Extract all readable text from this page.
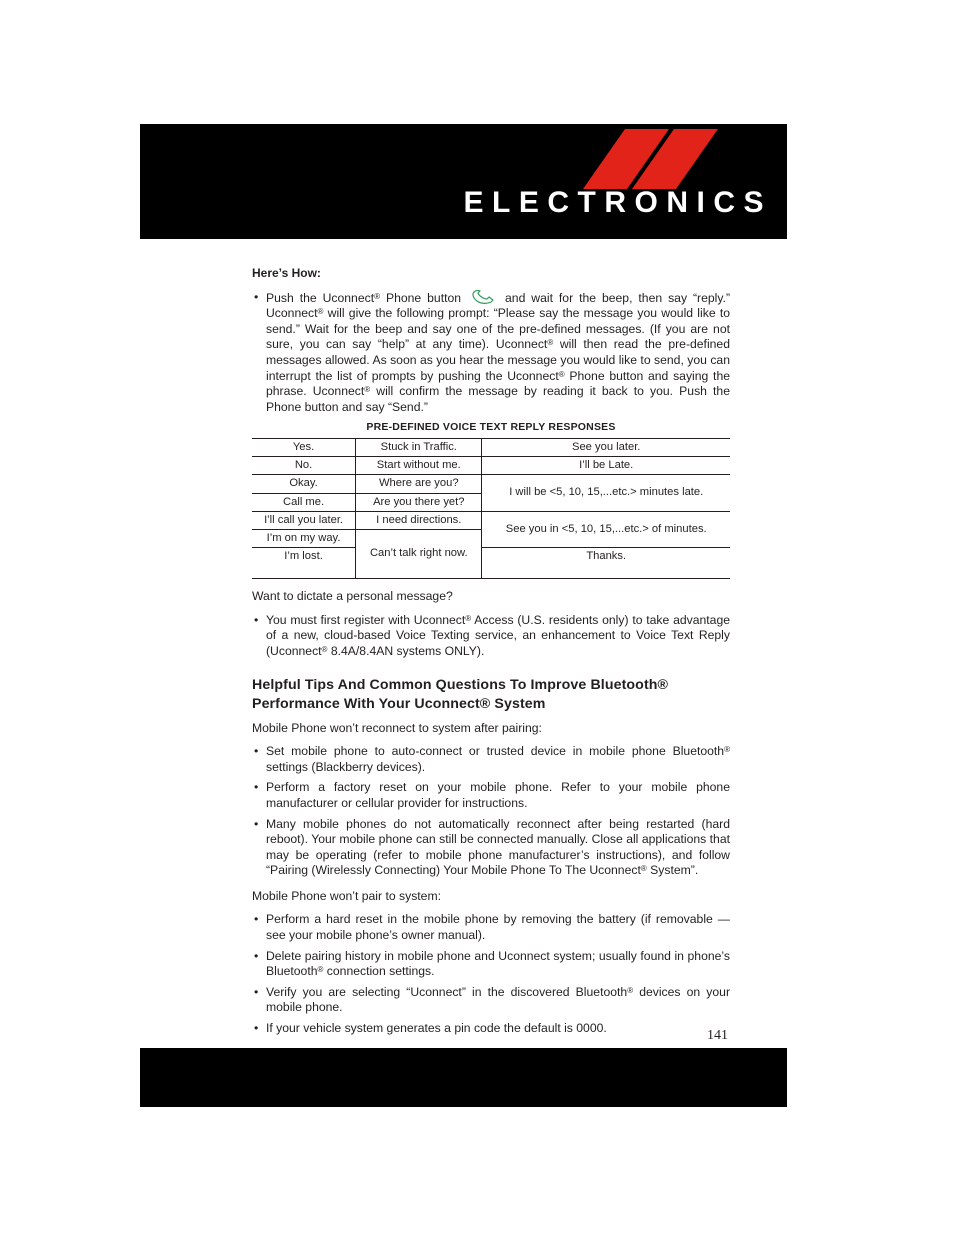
ELECTRONICS
Here’s How:
• Push the Uconnect® Phone button	and wait for the beep, then say “reply.” Uconnect® will give the following prompt: “Please say the message you would like to send.” Wait for the beep and say one of the pre-defined messages. (If you are not sure, you can say “help” at any time). Uconnect® will then read the pre-defined messages allowed. As soon as you hear the message you would like to send, you can interrupt the list of prompts by pushing the Uconnect® Phone button and saying the phrase. Uconnect® will confirm the message by reading it back to you. Push the Phone button and say “Send.”
PRE-DEFINED VOICE TEXT REPLY RESPONSES
Yes.	Stuck in Traffic.	See you later.
No.	Start without me.	I’ll be Late.
Okay.	Where are you?	I will be <5, 10, 15,...etc.> minutes late.
Call me.	Are you there yet?	
I’ll call you later.	I need directions.	See you in <5, 10, 15,...etc.> of minutes.
I’m on my way.	Can’t talk right now.	
I’m lost.		Thanks.

Want to dictate a personal message?

• You must first register with Uconnect® Access (U.S. residents only) to take advantage of a new, cloud-based Voice Texting service, an enhancement to Voice Text Reply (Uconnect® 8.4A/8.4AN systems ONLY).
Helpful Tips And Common Questions To Improve Bluetooth® Performance With Your Uconnect® System

Mobile Phone won’t reconnect to system after pairing:

• Set mobile phone to auto-connect or trusted device in mobile phone Bluetooth® settings (Blackberry devices).
• Perform a factory reset on your mobile phone. Refer to your mobile phone manufacturer or cellular provider for instructions.
• Many mobile phones do not automatically reconnect after being restarted (hard reboot). Your mobile phone can still be connected manually. Close all applications that may be operating (refer to mobile phone manufacturer’s instructions), and follow “Pairing (Wirelessly Connecting) Your Mobile Phone To The Uconnect® System”.

Mobile Phone won’t pair to system:

• Perform a hard reset in the mobile phone by removing the battery (if removable — see your mobile phone’s owner manual).
• Delete pairing history in mobile phone and Uconnect system; usually found in phone’s Bluetooth® connection settings.
• Verify you are selecting “Uconnect” in the discovered Bluetooth® devices on your mobile phone.
• If your vehicle system generates a pin code the default is 0000.	141
